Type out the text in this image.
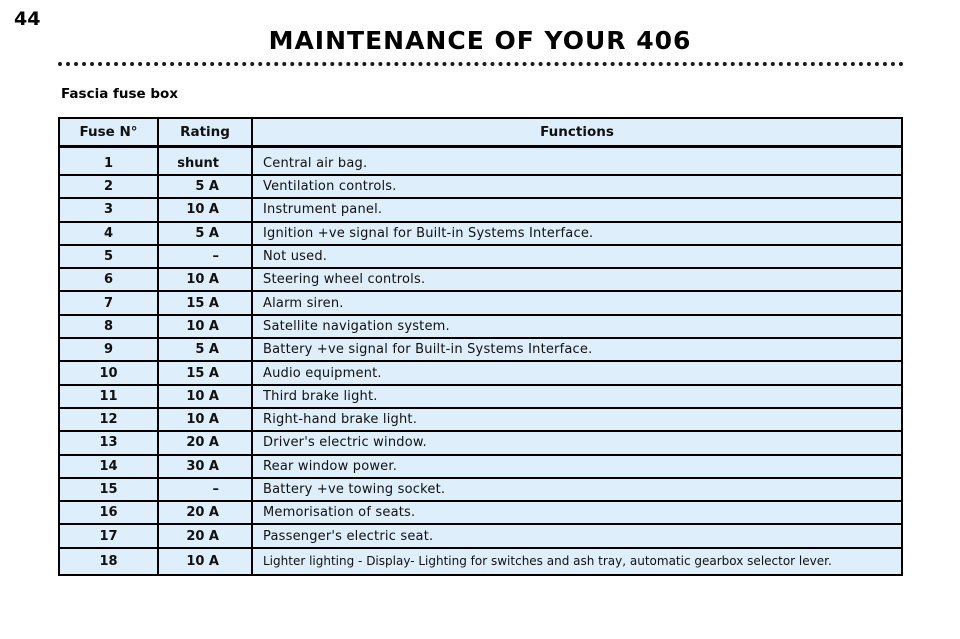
44
MAINTENANCE OF YOUR 406
Fascia fuse box
Fuse N°	Rating	Functions
1	shunt	Central air bag.
2	5 A	Ventilation controls.
3	10 A	Instrument panel.
4	5 A	Ignition +ve signal for Built-in Systems Interface.
5	–	Not used.
6	10 A	Steering wheel controls.
7	15 A	Alarm siren.
8	10 A	Satellite navigation system.
9	5 A	Battery +ve signal for Built-in Systems Interface.
10	15 A	Audio equipment.
11	10 A	Third brake light.
12	10 A	Right-hand brake light.
13	20 A	Driver's electric window.
14	30 A	Rear window power.
15	–	Battery +ve towing socket.
16	20 A	Memorisation of seats.
17	20 A	Passenger's electric seat.
18	10 A	Lighter lighting - Display- Lighting for switches and ash tray, automatic gearbox selector lever.
